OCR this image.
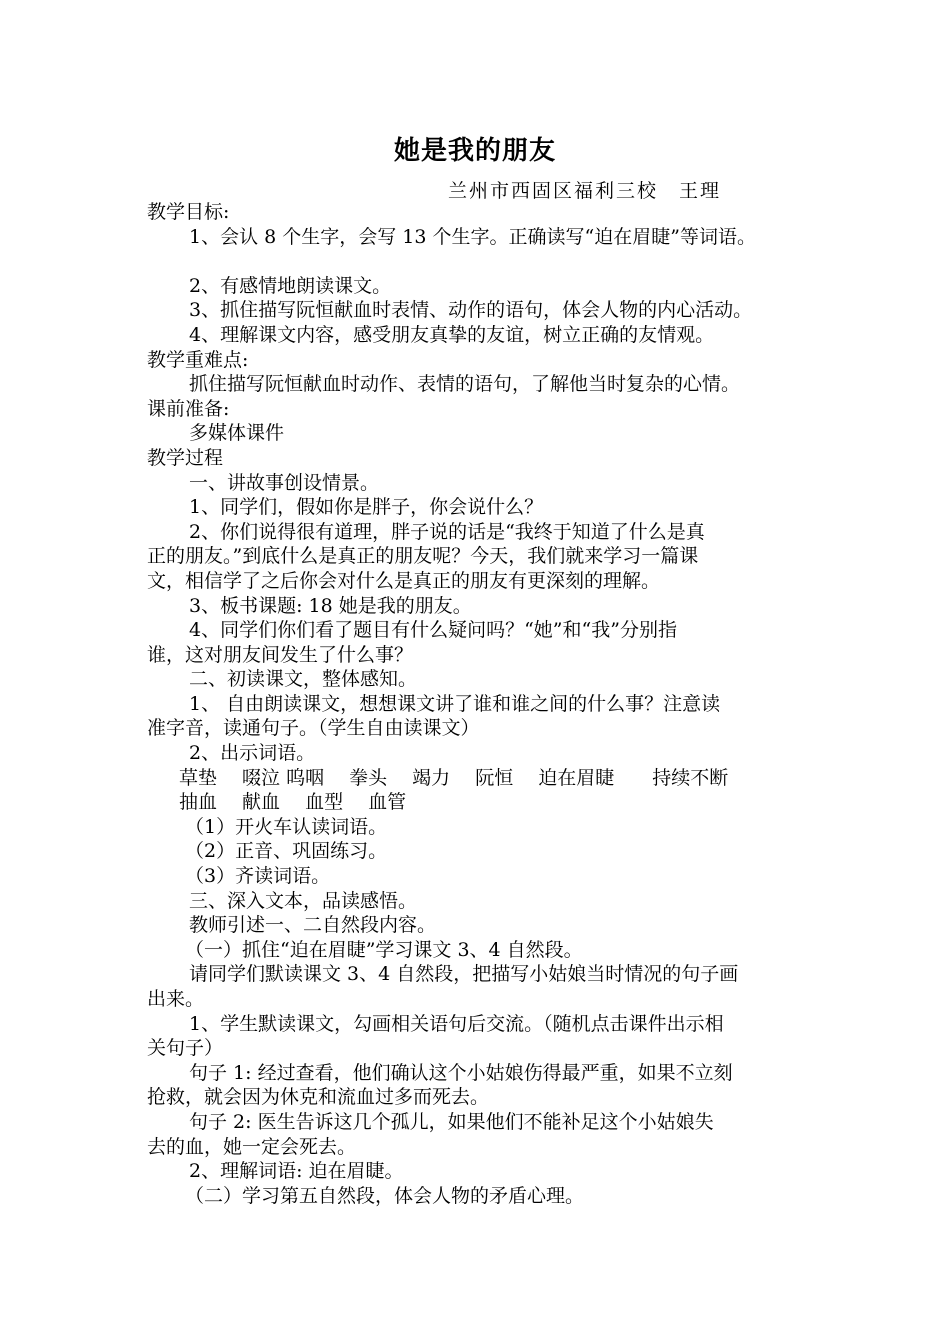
她是我的朋友
兰州市西固区福利三校　王理
教学目标:
1、会认 8 个生字，会写 13 个生字。正确读写“迫在眉睫”等词语。
2、有感情地朗读课文。
3、抓住描写阮恒献血时表情、动作的语句，体会人物的内心活动。
4、理解课文内容，感受朋友真挚的友谊，树立正确的友情观。
教学重难点:
抓住描写阮恒献血时动作、表情的语句，了解他当时复杂的心情。
课前准备:
多媒体课件
教学过程
一、讲故事创设情景。
1、同学们，假如你是胖子，你会说什么？
2、你们说得很有道理，胖子说的话是“我终于知道了什么是真
正的朋友。”到底什么是真正的朋友呢？今天，我们就来学习一篇课
文，相信学了之后你会对什么是真正的朋友有更深刻的理解。
3、板书课题: 18 她是我的朋友。
4、同学们你们看了题目有什么疑问吗？“她”和“我”分别指
谁，这对朋友间发生了什么事？
二、初读课文，整体感知。
1、 自由朗读课文，想想课文讲了谁和谁之间的什么事？注意读
准字音，读通句子。（学生自由读课文）
2、出示词语。
草垫　 啜泣 呜咽　 拳头　 竭力　 阮恒　 迫在眉睫　　持续不断
抽血　 献血　 血型　 血管
（1）开火车认读词语。
（2）正音、巩固练习。
（3）齐读词语。
三、深入文本，品读感悟。
教师引述一、二自然段内容。
（一）抓住“迫在眉睫”学习课文 3、4 自然段。
请同学们默读课文 3、4 自然段，把描写小姑娘当时情况的句子画
出来。
1、学生默读课文，勾画相关语句后交流。（随机点击课件出示相
关句子）
句子 1: 经过查看，他们确认这个小姑娘伤得最严重，如果不立刻
抢救，就会因为休克和流血过多而死去。
句子 2: 医生告诉这几个孤儿，如果他们不能补足这个小姑娘失
去的血，她一定会死去。
2、理解词语: 迫在眉睫。
（二）学习第五自然段，体会人物的矛盾心理。
